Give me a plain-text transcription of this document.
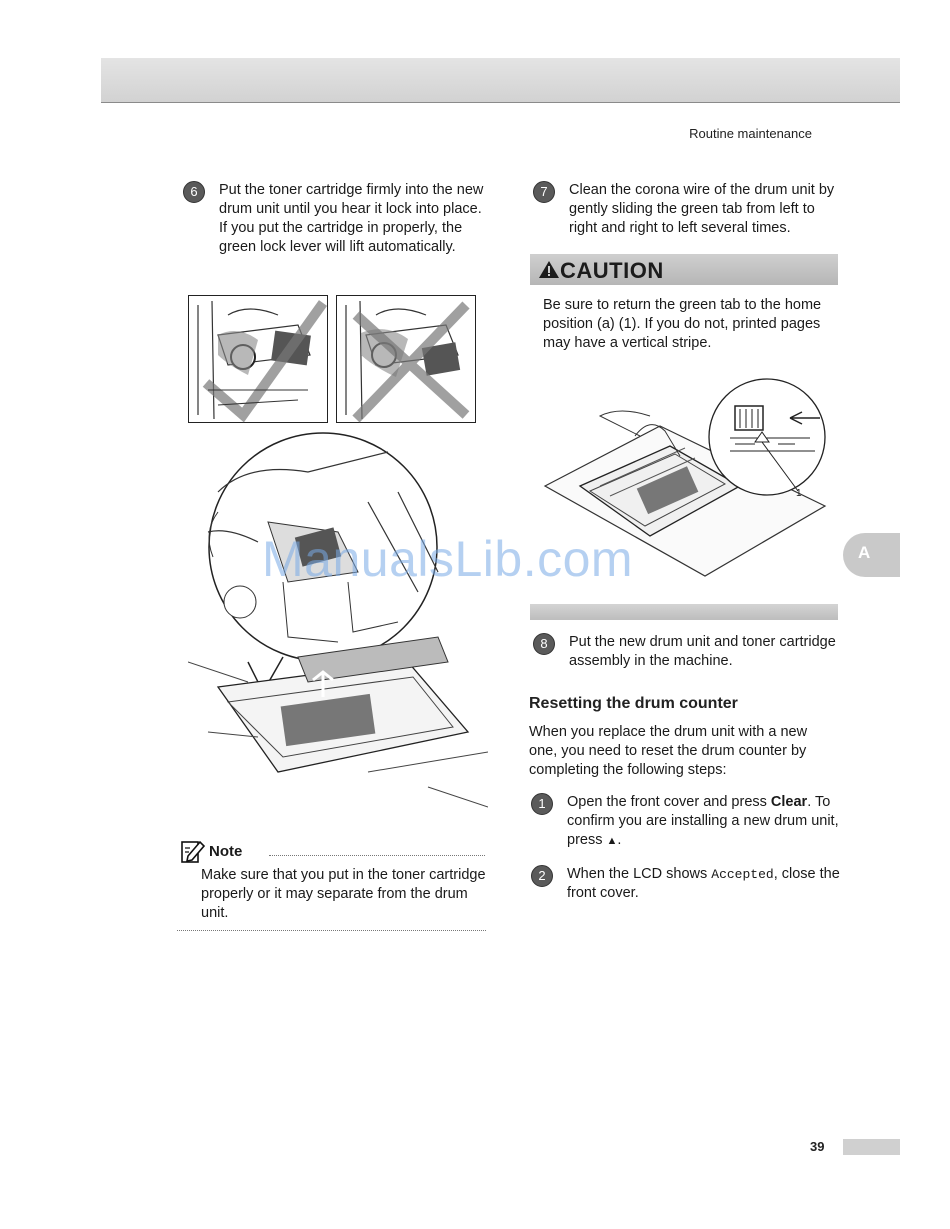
Routine maintenance
6	Put the toner cartridge firmly into the new drum unit until you hear it lock into place. If you put the cartridge in properly, the green lock lever will lift automatically.
ManualsLib.com
Note
Make sure that you put in the toner cartridge properly or it may separate from the drum unit.
7	Clean the corona wire of the drum unit by gently sliding the green tab from left to right and right to left several times.
CAUTION
Be sure to return the green tab to the home position (a) (1). If you do not, printed pages may have a vertical stripe.
1
8	Put the new drum unit and toner cartridge assembly in the machine.
Resetting the drum counter
When you replace the drum unit with a new one, you need to reset the drum counter by completing the following steps:
1	Open the front cover and press Clear. To confirm you are installing a new drum unit, press ▲.
2	When the LCD shows Accepted, close the front cover.
A
39
